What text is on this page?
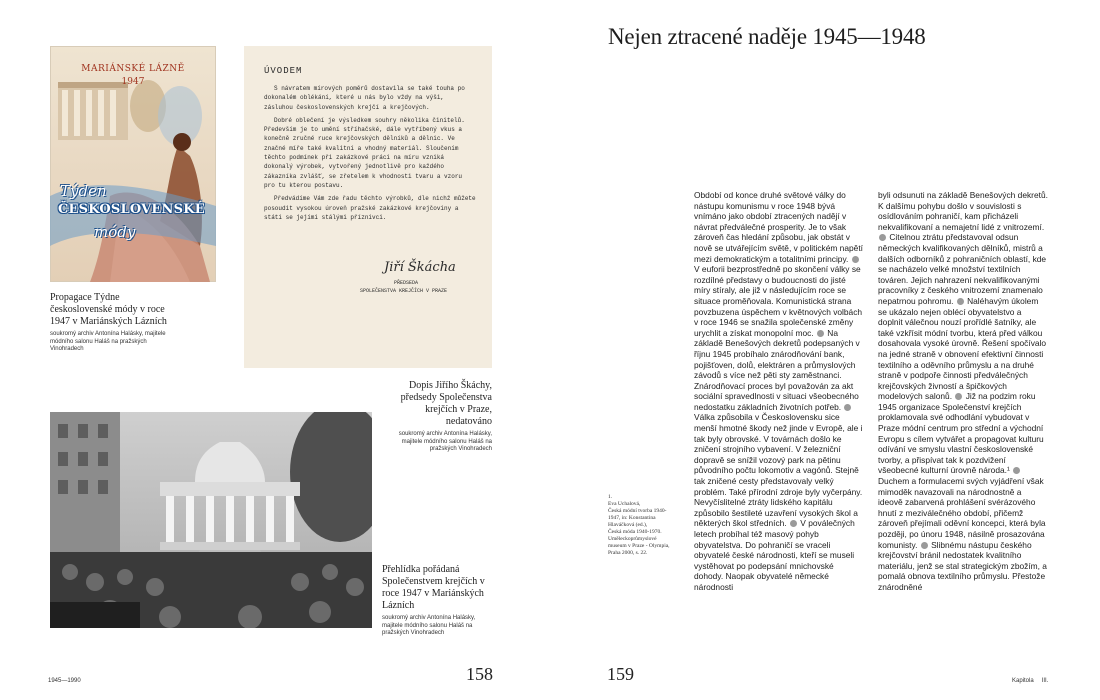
MARIÁNSKÉ LÁZNĚ
1947
Týden
ČESKOSLOVENSKÉ
módy
ÚVODEM

S návratem mírových poměrů dostavila se také touha po dokonalém oblékání, které u nás bylo vždy na výši, zásluhou československých krejčí a krejčových.

Dobré oblečení je výsledkem souhry několika činitelů. Především je to umění stříhačské, dále vytříbený vkus a konečně zručné ruce krejčovských dělníků a dělnic. Ve značné míře také kvalitní a vhodný materiál. Sloučením těchto podmínek při zakázkové práci na míru vzniká dokonalý výrobek, vytvořený jednotlivě pro každého zákazníka zvlášť, se zřetelem k vhodnosti tvaru a vzoru pro tu kterou postavu.

Předvádíme Vám zde řadu těchto výrobků, dle nichž můžete posoudit vysokou úroveň pražské zakázkové krejčoviny a státi se jejími stálými příznivci.

Jiří Škácha
PŘEDSEDA
SPOLEČENSTVA KREJČÍCH V PRAZE
Propagace Týdne československé módy v roce 1947 v Mariánských Lázních
soukromý archiv Antonína Halásky, majitele módního salonu Haláš na pražských Vinohradech
Dopis Jiřího Škáchy, předsedy Společenstva krejčích v Praze, nedatováno
soukromý archiv Antonína Halásky, majitele módního salonu Haláš na pražských Vinohradech
Přehlídka pořádaná Společenstvem krejčích v roce 1947 v Mariánských Lázních
soukromý archiv Antonína Halásky, majitele módního salonu Haláš na pražských Vinohradech
Nejen ztracené naděje 1945—1948
1.
Eva Uchalová,
Česká módní tvorba 1940-1947, in: Konstantina Hlaváčková (ed.),
Česká móda 1940-1970. Uměleckoprůmyslové museum v Praze - Olympia, Praha 2000, s. 22.

Období od konce druhé světové války do nástupu komunismu v roce 1948 bývá vnímáno jako období ztracených nadějí v návrat předválečné prosperity. Je to však zároveň čas hledání způsobu, jak obstát v nově se utvářejícím světě, v politickém napětí mezi demokratickým a totalitními principy.  V euforii bezprostředně po skončení války se rozdílné představy o budoucnosti do jisté míry stíraly, ale již v následujícím roce se situace proměňovala. Komunistická strana povzbuzena úspěchem v květnových volbách v roce 1946 se snažila společenské změny urychlit a získat monopolní moc. Na základě Benešových dekretů podepsaných v říjnu 1945 probíhalo znárodňování bank, pojišťoven, dolů, elektráren a průmyslových závodů s více než pěti sty zaměstnanci. Znárodňovací proces byl považován za akt sociální spravedlnosti v situaci všeobecného nedostatku základních životních potřeb.  Válka způsobila v Československu sice menší hmotné škody než jinde v Evropě, ale i tak byly obrovské. V továrnách došlo ke zničení strojního vybavení. V železniční dopravě se snížil vozový park na pětinu původního počtu lokomotiv a vagónů. Stejně tak zničené cesty představovaly velký problém. Také přírodní zdroje byly vyčerpány. Nevyčíslitelné ztráty lidského kapitálu způsobilo šestileté uzavření vysokých škol a některých škol středních. V poválečných letech probíhal též masový pohyb obyvatelstva. Do pohraničí se vraceli obyvatelé české národnosti, kteří se museli vystěhovat po podepsání mnichovské dohody. Naopak obyvatelé německé národnosti

byli odsunuti na základě Benešových dekretů. K dalšímu pohybu došlo v souvislosti s osídlováním pohraničí, kam přicházeli nekvalifikovaní a nemajetní lidé z vnitrozemí.  Citelnou ztrátu představoval odsun německých kvalifikovaných dělníků, mistrů a dalších odborníků z pohraničních oblastí, kde se nacházelo velké množství textilních továren. Jejich nahrazení nekvalifikovanými pracovníky z českého vnitrozemí znamenalo nepatrnou pohromu. Naléhavým úkolem se ukázalo nejen oblécí obyvatelstvo a doplnit válečnou nouzí prořídlé šatníky, ale také vzkřísit módní tvorbu, která před válkou dosahovala vysoké úrovně. Řešení spočívalo na jedné straně v obnovení efektivní činnosti textilního a oděvního průmyslu a na druhé straně v podpoře činnosti předválečných krejčovských živností a špičkových modelových salonů. Již na podzim roku 1945 organizace Společenství krejčích proklamovala své odhodlání vybudovat v Praze módní centrum pro střední a východní Evropu s cílem vytvářet a propagovat kulturu odívání ve smyslu vlastní československé tvorby, a přispívat tak k pozdvižení všeobecné kulturní úrovně národa.¹  Duchem a formulacemi svých vyjádření však mimoděk navazovali na národnostně a ideově zabarvená prohlášení svérázového hnutí z meziválečného období, přičemž zároveň přejímali oděvní koncepci, která byla později, po únoru 1948, násilně prosazována komunisty. Slibnému nástupu českého krejčovství bránil nedostatek kvalitního materiálu, jenž se stal strategickým zbožím, a pomalá obnova textilního průmyslu. Přestože znárodněné

1945—1990	158	159	Kapitola III.
